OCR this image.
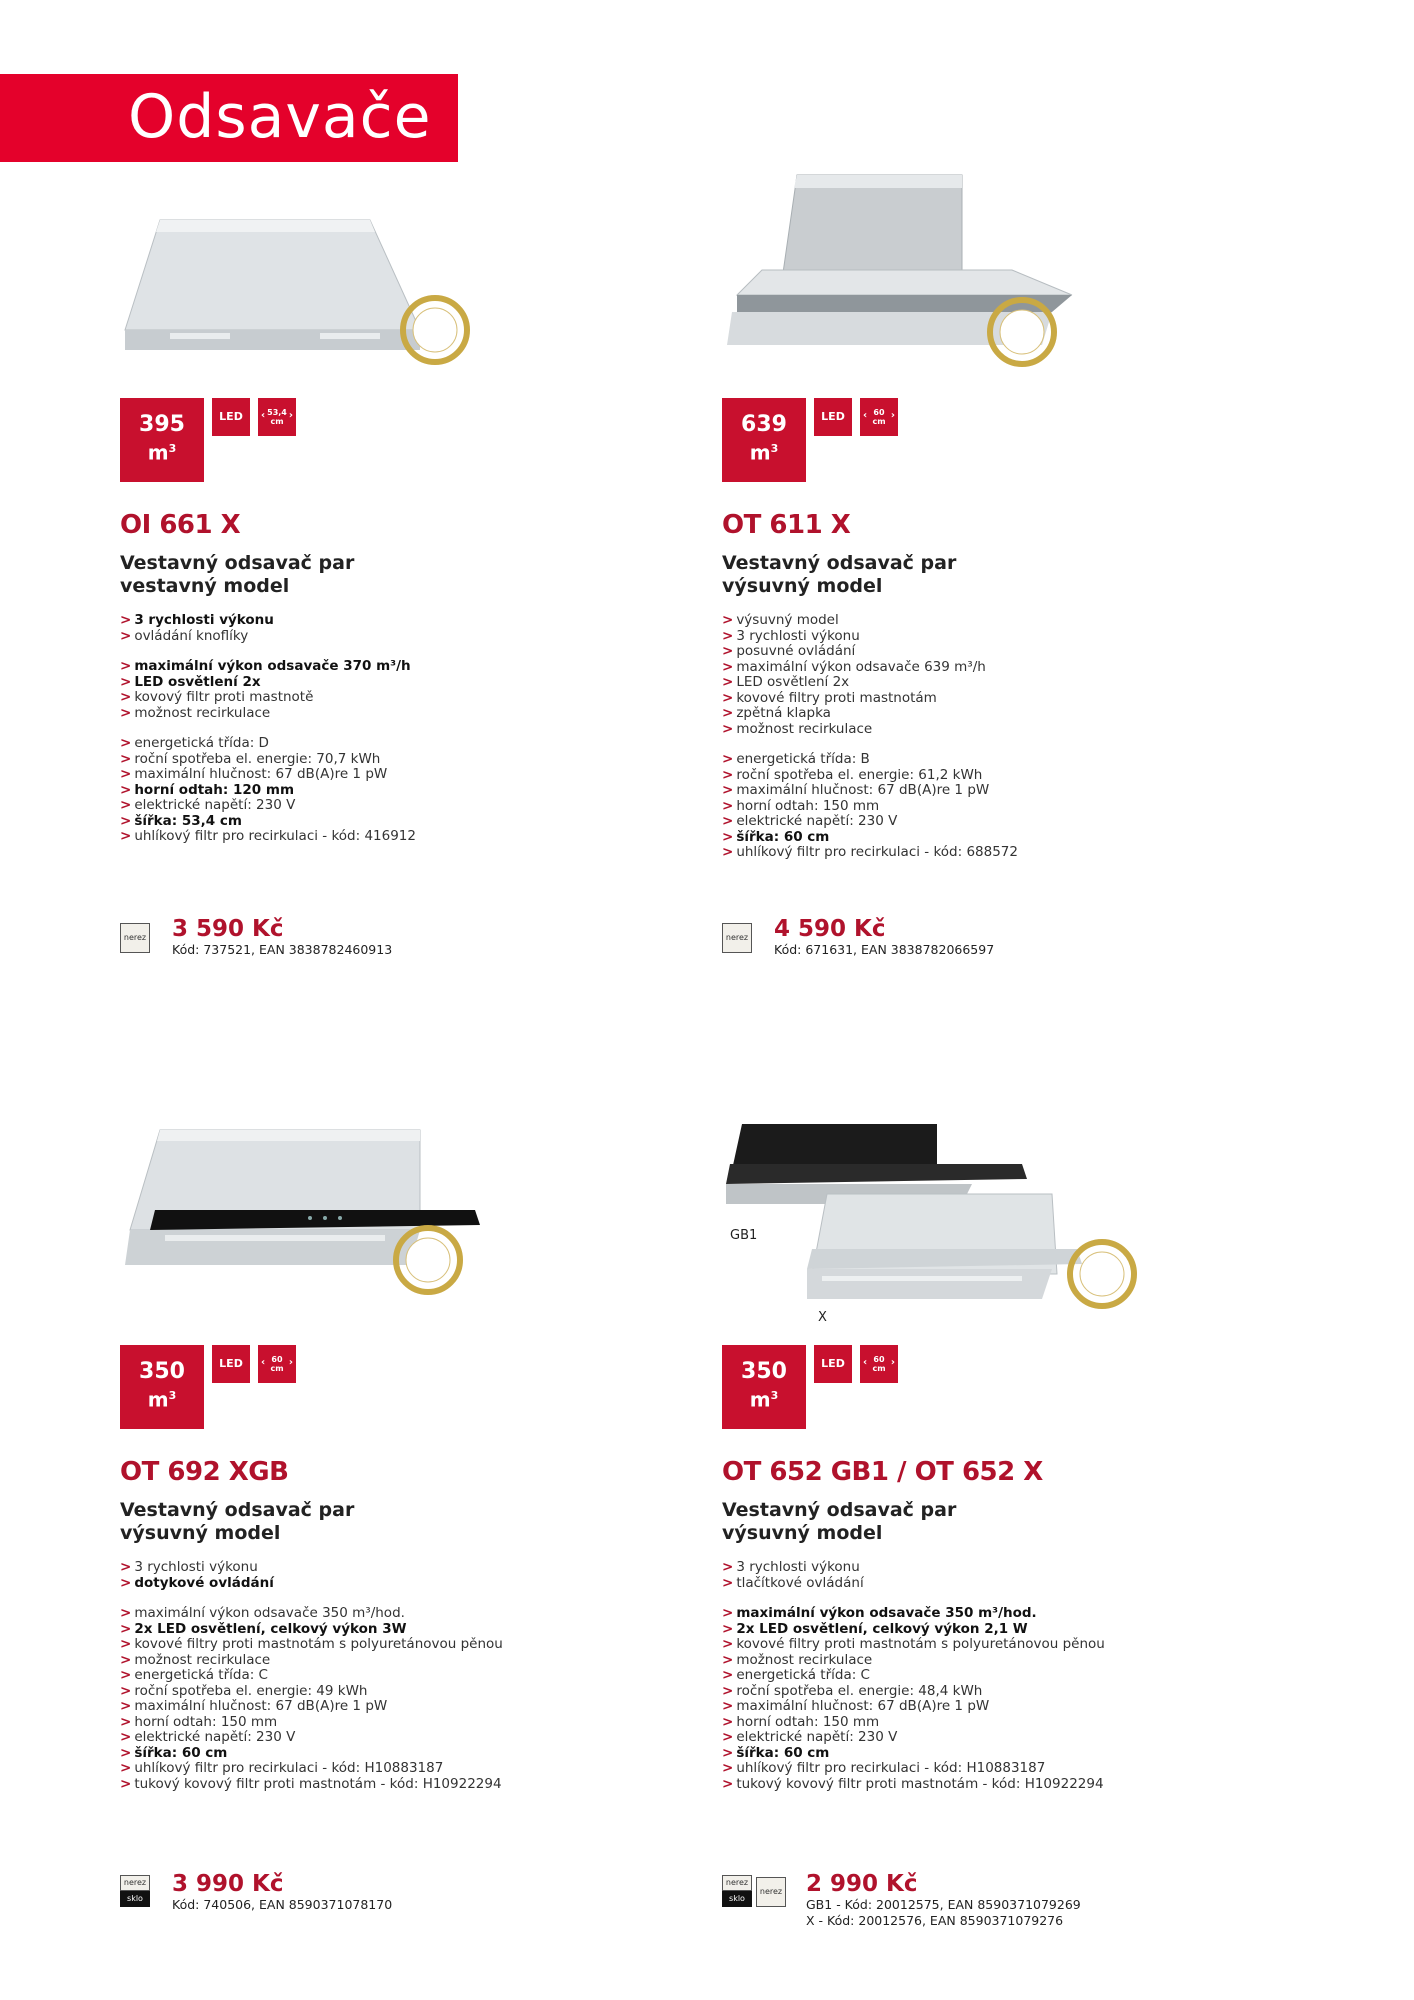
Odsavače
395
$m^3$
LED	‹ 53,4
cm
›
OI 661 X
Vestavný odsavač par
vestavný model
> 3 rychlosti výkonu
> ovládání knoflíky
> maximální výkon odsavače 370 m³/h
> LED osvětlení 2x
> kovový filtr proti mastnotě
> možnost recirkulace
> energetická třída: D
> roční spotřeba el. energie: 70,7 kWh
> maximální hlučnost: 67 dB(A)re 1 pW
> horní odtah: 120 mm
> elektrické napětí: 230 V
> šířka: 53,4 cm
> uhlíkový filtr pro recirkulaci - kód: 416912
nerez 3 590 Kč
Kód: 737521, EAN 3838782460913
639
$m^3$
LED	‹ 60
cm
›
OT 611 X
Vestavný odsavač par
výsuvný model
> výsuvný model
> 3 rychlosti výkonu
> posuvné ovládání
> maximální výkon odsavače 639 m³/h
> LED osvětlení 2x
> kovové filtry proti mastnotám
> zpětná klapka
> možnost recirkulace
> energetická třída: B
> roční spotřeba el. energie: 61,2 kWh
> maximální hlučnost: 67 dB(A)re 1 pW
> horní odtah: 150 mm
> elektrické napětí: 230 V
> šířka: 60 cm
> uhlíkový filtr pro recirkulaci - kód: 688572
nerez 4 590 Kč
Kód: 671631, EAN 3838782066597
350
$m^3$
LED	‹ 60
cm
›
OT 692 XGB
Vestavný odsavač par
výsuvný model
> 3 rychlosti výkonu
> dotykové ovládání
> maximální výkon odsavače 350 m³/hod.
> 2x LED osvětlení, celkový výkon 3W
> kovové filtry proti mastnotám s polyuretánovou pěnou
> možnost recirkulace
> energetická třída: C
> roční spotřeba el. energie: 49 kWh
> maximální hlučnost: 67 dB(A)re 1 pW
> horní odtah: 150 mm
> elektrické napětí: 230 V
> šířka: 60 cm
> uhlíkový filtr pro recirkulaci - kód: H10883187
> tukový kovový filtr proti mastnotám - kód: H10922294
nerez
sklo
3 990 Kč
Kód: 740506, EAN 8590371078170
GB1
X
350
$m^3$
LED	‹ 60
cm
›
OT 652 GB1 / OT 652 X
Vestavný odsavač par
výsuvný model
> 3 rychlosti výkonu
> tlačítkové ovládání
> maximální výkon odsavače 350 m³/hod.
> 2x LED osvětlení, celkový výkon 2,1 W
> kovové filtry proti mastnotám s polyuretánovou pěnou
> možnost recirkulace
> energetická třída: C
> roční spotřeba el. energie: 48,4 kWh
> maximální hlučnost: 67 dB(A)re 1 pW
> horní odtah: 150 mm
> elektrické napětí: 230 V
> šířka: 60 cm
> uhlíkový filtr pro recirkulaci - kód: H10883187
> tukový kovový filtr proti mastnotám - kód: H10922294
nerez
sklo
nerez 2 990 Kč
GB1 - Kód: 20012575, EAN 8590371079269
X - Kód: 20012576, EAN 8590371079276
